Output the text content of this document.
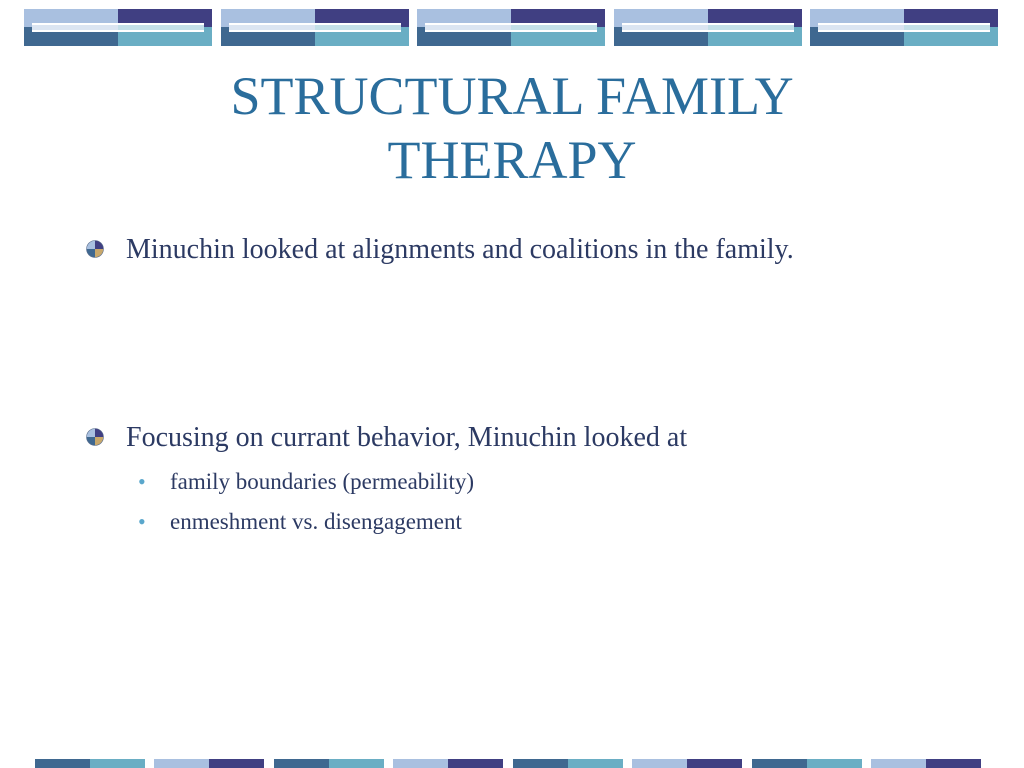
STRUCTURAL FAMILY
THERAPY
Minuchin looked at alignments and coalitions in the family.
Focusing on currant behavior, Minuchin looked at
•	family boundaries (permeability)
•	enmeshment vs. disengagement
